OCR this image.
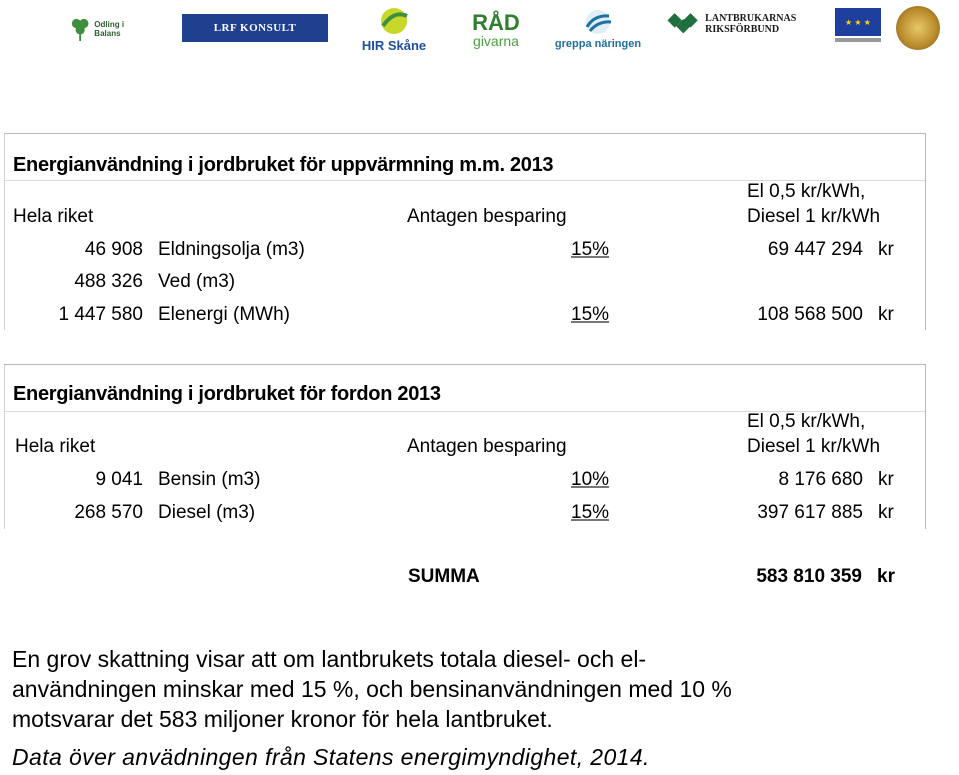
Odling i Balans	LRF KONSULT
HIR Skåne
RÅD
givarna	greppa näringen
LANTBRUKARNAS RIKSFÖRBUND
★ ★ ★
Energianvändning i jordbruket för uppvärmning m.m. 2013
Hela riket	Antagen besparing
El 0,5 kr/kWh,
Diesel 1 kr/kWh
46 908 Eldningsolja (m3)	15%	69 447 294 kr
488 326 Ved (m3)
1 447 580 Elenergi (MWh)	15%	108 568 500 kr
Energianvändning i jordbruket för fordon 2013
Hela riket	Antagen besparing
El 0,5 kr/kWh,
Diesel 1 kr/kWh
9 041 Bensin (m3)	10%	8 176 680 kr
268 570 Diesel (m3)	15%	397 617 885 kr
SUMMA	583 810 359 kr
En grov skattning visar att om lantbrukets totala diesel- och el-
användningen minskar med 15 %, och bensinanvändningen med 10 %
motsvarar det 583 miljoner kronor för hela lantbruket.
Data över anvädningen från Statens energimyndighet, 2014.
